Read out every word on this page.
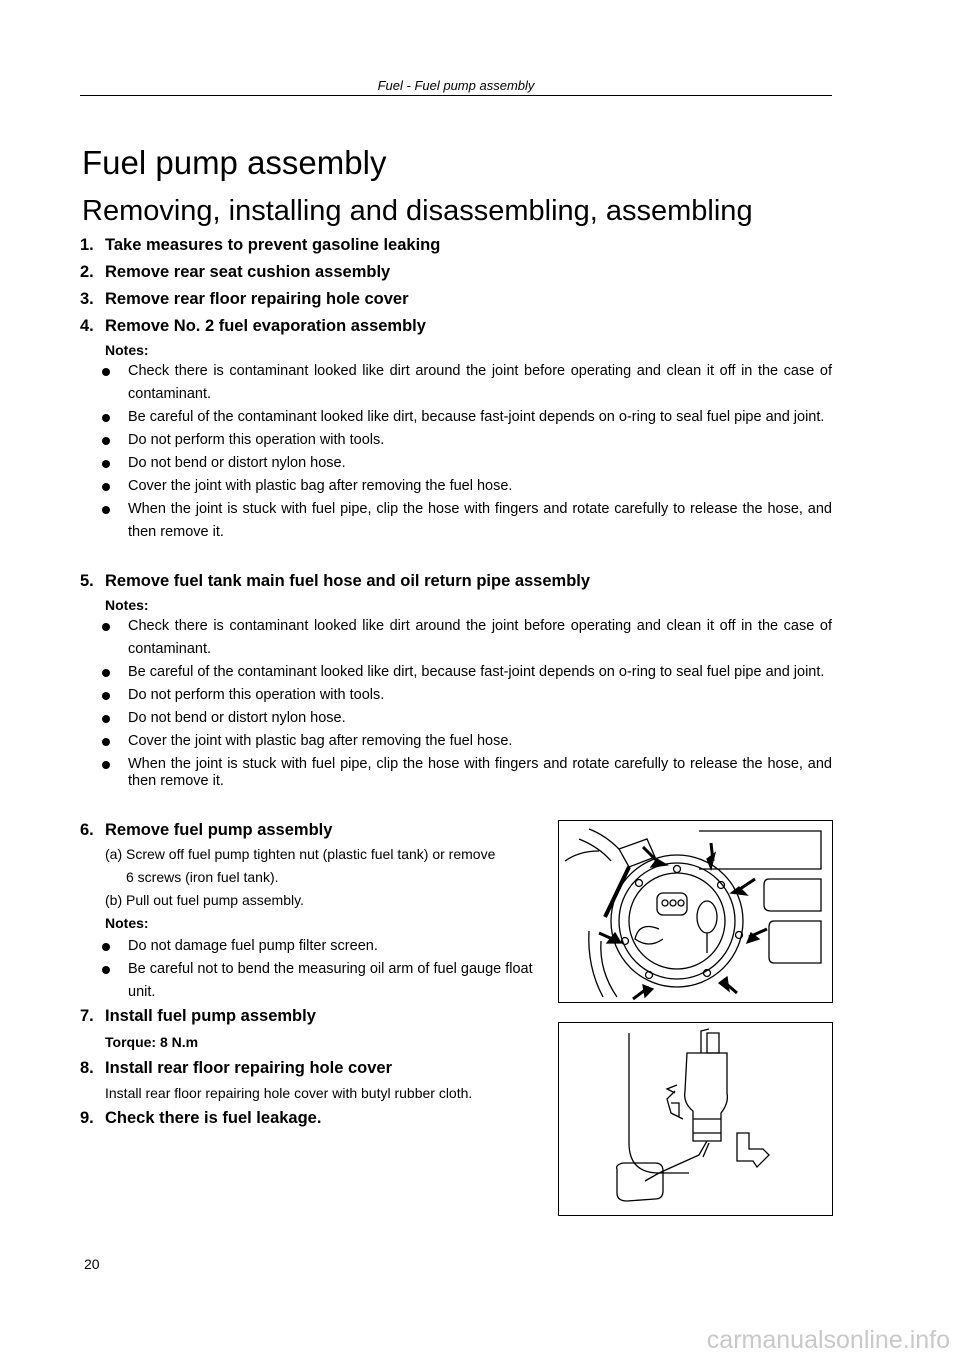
Fuel - Fuel pump assembly
Fuel pump assembly
Removing, installing and disassembling, assembling
1. Take measures to prevent gasoline leaking
2. Remove rear seat cushion assembly
3. Remove rear floor repairing hole cover
4. Remove No. 2 fuel evaporation assembly
Notes:
Check there is contaminant looked like dirt around the joint before operating and clean it off in the case of contaminant.
Be careful of the contaminant looked like dirt, because fast-joint depends on o-ring to seal fuel pipe and joint.
Do not perform this operation with tools.
Do not bend or distort nylon hose.
Cover the joint with plastic bag after removing the fuel hose.
When the joint is stuck with fuel pipe, clip the hose with fingers and rotate carefully to release the hose, and then remove it.
5. Remove fuel tank main fuel hose and oil return pipe assembly
Notes:
Check there is contaminant looked like dirt around the joint before operating and clean it off in the case of contaminant.
Be careful of the contaminant looked like dirt, because fast-joint depends on o-ring to seal fuel pipe and joint.
Do not perform this operation with tools.
Do not bend or distort nylon hose.
Cover the joint with plastic bag after removing the fuel hose.
When the joint is stuck with fuel pipe, clip the hose with fingers and rotate carefully to release the hose, and then remove it.
6. Remove fuel pump assembly
(a) Screw off fuel pump tighten nut (plastic fuel tank) or remove
6 screws (iron fuel tank).
(b) Pull out fuel pump assembly.
Notes:
Do not damage fuel pump filter screen.
Be careful not to bend the measuring oil arm of fuel gauge float unit.
7. Install fuel pump assembly
Torque: 8 N.m
8. Install rear floor repairing hole cover
Install rear floor repairing hole cover with butyl rubber cloth.
9. Check there is fuel leakage.
20
carmanualsonline.info
